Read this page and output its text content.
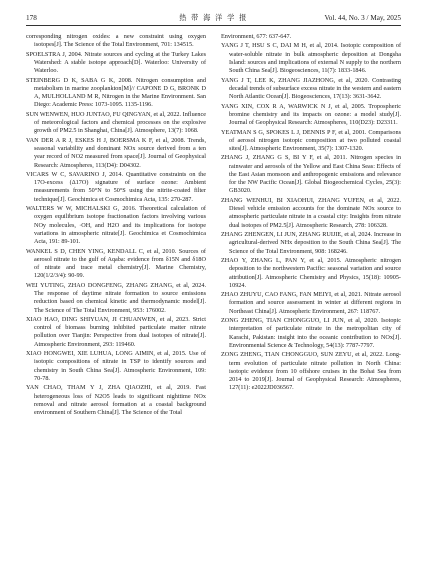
178	热 带 海 洋 学 报	Vol. 44, No. 3 / May, 2025

corresponding nitrogen oxides: a new constraint using oxygen isotopes[J]. The Science of the Total Environment, 701: 134515.

SPOELSTRA J, 2004. Nitrate sources and cycling at the Turkey Lakes Watershed: A stable isotope approach[D]. Waterloo: University of Waterloo.

STEINBERG D K, SABA G K, 2008. Nitrogen consumption and metabolism in marine zooplankton[M]// CAPONE D G, BRONK D A, MULHOLLAND M R, Nitrogen in the Marine Environment. San Diego: Academic Press: 1073-1095. 1135-1196.

SUN WENWEN, HUO JUNTAO, FU QINGYAN, et al, 2022. Influence of meteorological factors and chemical processes on the explosive growth of PM2.5 in Shanghai, China[J]. Atmosphere, 13(7): 1068.

VAN DER A R J, ESKES H J, BOERSMA K F, et al, 2008. Trends, seasonal variability and dominant NOx source derived from a ten year record of NO2 measured from space[J]. Journal of Geophysical Research: Atmospheres, 113(D4): D04302.

VICARS W C, SAVARINO J, 2014. Quantitative constraints on the 17O-excess (Δ17O) signature of surface ozone: Ambient measurements from 50°N to 50°S using the nitrite-coated filter technique[J]. Geochimica et Cosmochimica Acta, 135: 270-287.

WALTERS W W, MICHALSKI G, 2016. Theoretical calculation of oxygen equilibrium isotope fractionation factors involving various NOy molecules, ·OH, and H2O and its implications for isotope variations in atmospheric nitrate[J]. Geochimica et Cosmochimica Acta, 191: 89-101.

WANKEL S D, CHEN YING, KENDALL C, et al, 2010. Sources of aerosol nitrate to the gulf of Aqaba: evidence from δ15N and δ18O of nitrate and trace metal chemistry[J]. Marine Chemistry, 120(1/2/3/4): 90-99.

WEI YUTING, ZHAO DONGFENG, ZHANG ZHANG, et al, 2024. The response of daytime nitrate formation to source emissions reduction based on chemical kinetic and thermodynamic model[J]. The Science of The Total Environment, 953: 176002.

XIAO HAO, DING SHIYUAN, JI CHUANWEN, et al, 2023. Strict control of biomass burning inhibited particulate matter nitrate pollution over Tianjin: Perspective from dual isotopes of nitrate[J]. Atmospheric Environment, 293: 119460.

XIAO HONGWEI, XIE LUHUA, LONG AIMIN, et al, 2015. Use of isotopic compositions of nitrate in TSP to identify sources and chemistry in South China Sea[J]. Atmospheric Environment, 109: 70-78.

YAN CHAO, THAM Y J, ZHA QIAOZHI, et al, 2019. Fast heterogeneous loss of N2O5 leads to significant nighttime NOx removal and nitrate aerosol formation at a coastal background environment of Southern China[J]. The Science of the Total

Environment, 677: 637-647.

YANG J T, HSU S C, DAI M H, et al, 2014. Isotopic composition of water-soluble nitrate in bulk atmospheric deposition at Dongsha Island: sources and implications of external N supply to the northern South China Sea[J]. Biogeosciences, 11(7): 1833-1846.

YANG J T, LEE K, ZHANG JIAZHONG, et al, 2020. Contrasting decadal trends of subsurface excess nitrate in the western and eastern North Atlantic Ocean[J]. Biogeosciences, 17(13): 3631-3642.

YANG XIN, COX R A, WARWICK N J, et al, 2005. Tropospheric bromine chemistry and its impacts on ozone: a model study[J]. Journal of Geophysical Research: Atmospheres, 110(D23): D23311.

YEATMAN S G, SPOKES L J, DENNIS P F, et al, 2001. Comparisons of aerosol nitrogen isotopic composition at two polluted coastal sites[J]. Atmospheric Environment, 35(7): 1307-1320.

ZHANG J, ZHANG G S, BI Y F, et al, 2011. Nitrogen species in rainwater and aerosols of the Yellow and East China Seas: Effects of the East Asian monsoon and anthropogenic emissions and relevance for the NW Pacific Ocean[J]. Global Biogeochemical Cycles, 25(3): GB3020.

ZHANG WENHUI, BI XIAOHUI, ZHANG YUFEN, et al, 2022. Diesel vehicle emission accounts for the dominate NOx source to atmospheric particulate nitrate in a coastal city: Insights from nitrate dual isotopes of PM2.5[J]. Atmospheric Research, 278: 106328.

ZHANG ZHENGEN, LI JUN, ZHANG RUIJIE, et al, 2024. Increase in agricultural-derived NHx deposition to the South China Sea[J]. The Science of the Total Environment, 908: 168246.

ZHAO Y, ZHANG L, PAN Y, et al, 2015. Atmospheric nitrogen deposition to the northwestern Pacific: seasonal variation and source attribution[J]. Atmospheric Chemistry and Physics, 15(18): 10905-10924.

ZHAO ZHUYU, CAO FANG, FAN MEIYI, et al, 2021. Nitrate aerosol formation and source assessment in winter at different regions in Northeast China[J]. Atmospheric Environment, 267: 118767.

ZONG ZHENG, TIAN CHONGGUO, LI JUN, et al, 2020. Isotopic interpretation of particulate nitrate in the metropolitan city of Karachi, Pakistan: insight into the oceanic contribution to NOx[J]. Environmental Science & Technology, 54(13): 7787-7797.

ZONG ZHENG, TIAN CHONGGUO, SUN ZEYU, et al, 2022. Long-term evolution of particulate nitrate pollution in North China: isotopic evidence from 10 offshore cruises in the Bohai Sea from 2014 to 2019[J]. Journal of Geophysical Research: Atmospheres, 127(11): e2022JD036567.
